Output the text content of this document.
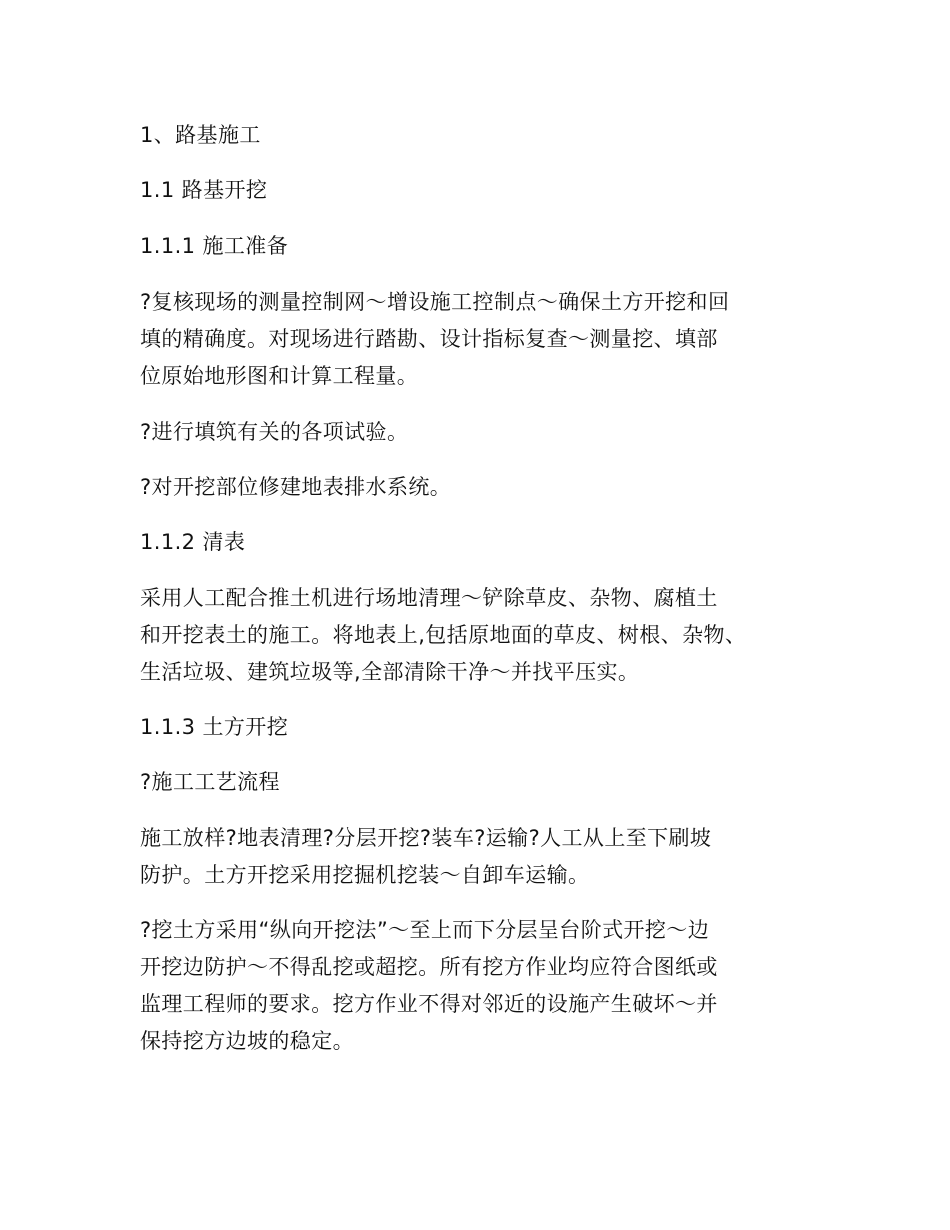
1、路基施工
1.1 路基开挖
1.1.1 施工准备
?复核现场的测量控制网～增设施工控制点～确保土方开挖和回
填的精确度。对现场进行踏勘、设计指标复查～测量挖、填部
位原始地形图和计算工程量。
?进行填筑有关的各项试验。
?对开挖部位修建地表排水系统。
1.1.2 清表
采用人工配合推土机进行场地清理～铲除草皮、杂物、腐植土
和开挖表土的施工。将地表上,包括原地面的草皮、树根、杂物、
生活垃圾、建筑垃圾等,全部清除干净～并找平压实。
1.1.3 土方开挖
?施工工艺流程
施工放样?地表清理?分层开挖?装车?运输?人工从上至下刷坡
防护。土方开挖采用挖掘机挖装～自卸车运输。
?挖土方采用“纵向开挖法”～至上而下分层呈台阶式开挖～边
开挖边防护～不得乱挖或超挖。所有挖方作业均应符合图纸或
监理工程师的要求。挖方作业不得对邻近的设施产生破坏～并
保持挖方边坡的稳定。
